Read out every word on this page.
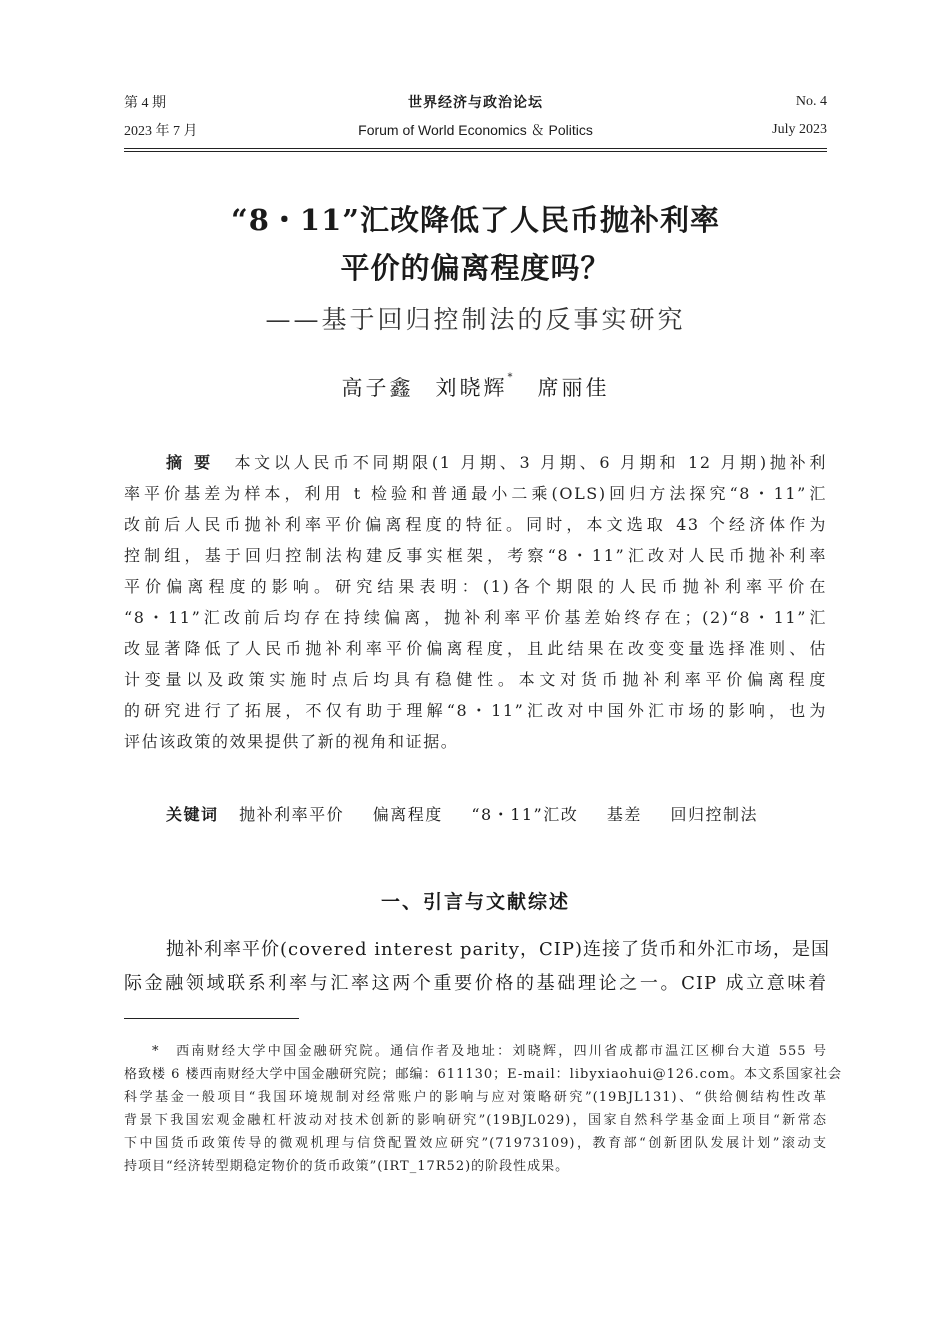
第 4 期	世界经济与政治论坛	No. 4
2023 年 7 月	Forum of World Economics ＆ Politics	July 2023
“8・11”汇改降低了人民币抛补利率
平价的偏离程度吗？
——基于回归控制法的反事实研究
高子鑫 刘晓辉* 席丽佳
摘要 本文以人民币不同期限(1 月期、3 月期、6 月期和 12 月期)抛补利
率平价基差为样本，利用 t 检验和普通最小二乘(OLS)回归方法探究“8・11”汇
改前后人民币抛补利率平价偏离程度的特征。同时，本文选取 43 个经济体作为
控制组，基于回归控制法构建反事实框架，考察“8・11”汇改对人民币抛补利率
平价偏离程度的影响。研究结果表明：(1)各个期限的人民币抛补利率平价在
“8・11”汇改前后均存在持续偏离，抛补利率平价基差始终存在；(2)“8・11”汇
改显著降低了人民币抛补利率平价偏离程度，且此结果在改变变量选择准则、估
计变量以及政策实施时点后均具有稳健性。本文对货币抛补利率平价偏离程度
的研究进行了拓展，不仅有助于理解“8・11”汇改对中国外汇市场的影响，也为
评估该政策的效果提供了新的视角和证据。
关键词 抛补利率平价 偏离程度 “8・11”汇改 基差 回归控制法
一、引言与文献综述
抛补利率平价(covered interest parity，CIP)连接了货币和外汇市场，是国
际金融领域联系利率与汇率这两个重要价格的基础理论之一。CIP 成立意味着
*　西南财经大学中国金融研究院。通信作者及地址：刘晓辉，四川省成都市温江区柳台大道 555 号
格致楼 6 楼西南财经大学中国金融研究院；邮编：611130；E-mail：libyxiaohui@126.com。本文系国家社会
科学基金一般项目“我国环境规制对经常账户的影响与应对策略研究”(19BJL131)、“供给侧结构性改革
背景下我国宏观金融杠杆波动对技术创新的影响研究”(19BJL029)，国家自然科学基金面上项目“新常态
下中国货币政策传导的微观机理与信贷配置效应研究”(71973109)，教育部“创新团队发展计划”滚动支
持项目“经济转型期稳定物价的货币政策”(IRT_17R52)的阶段性成果。
